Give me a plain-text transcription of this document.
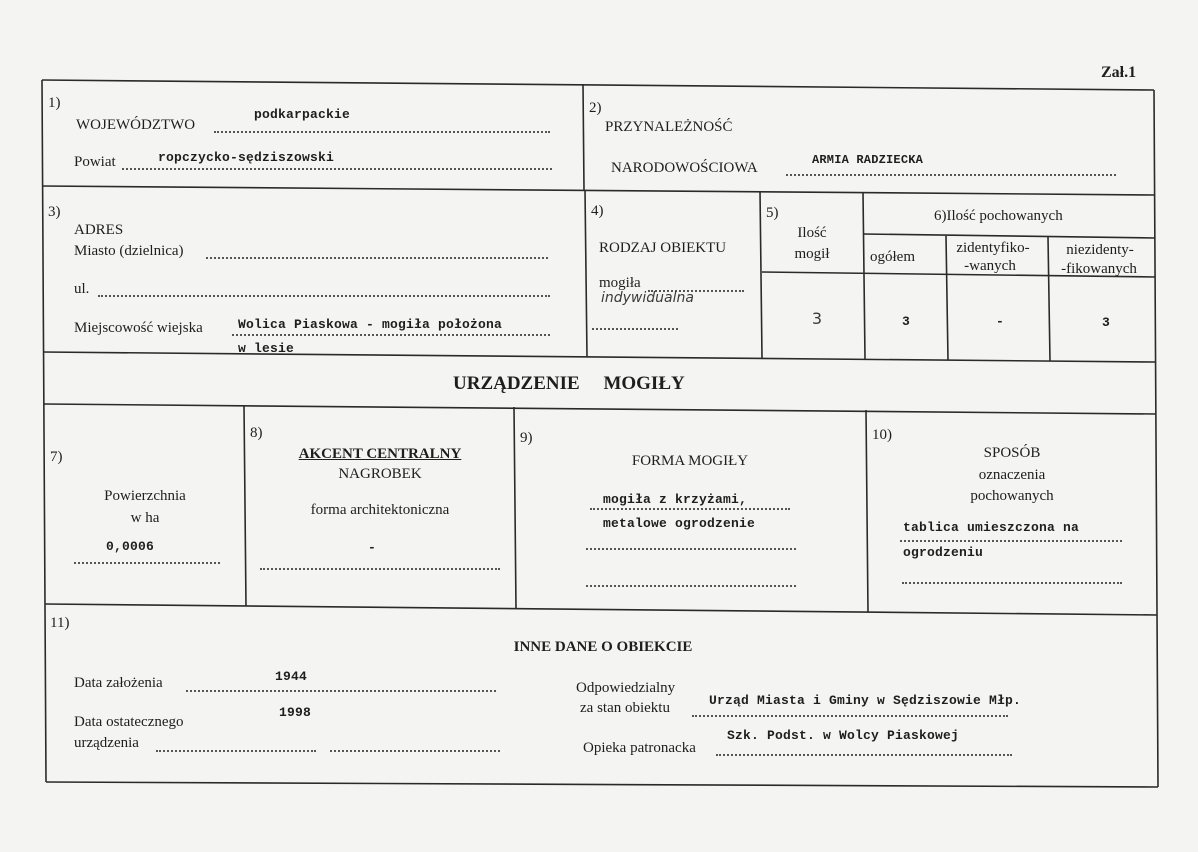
Zał.1
1)
WOJEWÓDZTWO
podkarpackie
Powiat	ropczycko-sędziszowski
2)
PRZYNALEŻNOŚĆ
NARODOWOŚCIOWA	ARMIA RADZIECKA
3)
ADRES
Miasto (dzielnica)
ul.
Miejscowość wiejska	Wolica Piaskowa - mogiła położona
w lesie
4)
RODZAJ OBIEKTU
mogiła
indywidualna
5)
Ilość
mogił
3
6)Ilość pochowanych
ogółem
zidentyfiko-
-wanych
niezidenty-
-fikowanych
3	-	3
URZĄDZENIE     MOGIŁY
7)
Powierzchnia
w ha
0,0006
8)
AKCENT CENTRALNY
NAGROBEK
forma architektoniczna
-
9)
FORMA MOGIŁY
mogiła z krzyżami,
metalowe ogrodzenie
10)
SPOSÓB
oznaczenia
pochowanych
tablica umieszczona na
ogrodzeniu
11)
INNE DANE O OBIEKCIE
Data założenia	1944
Data ostatecznego
urządzenia
1998
Odpowiedzialny
za stan obiektu	Urząd Miasta i Gminy w Sędziszowie Młp.
Opieka patronacka
Szk. Podst. w Wolcy Piaskowej
